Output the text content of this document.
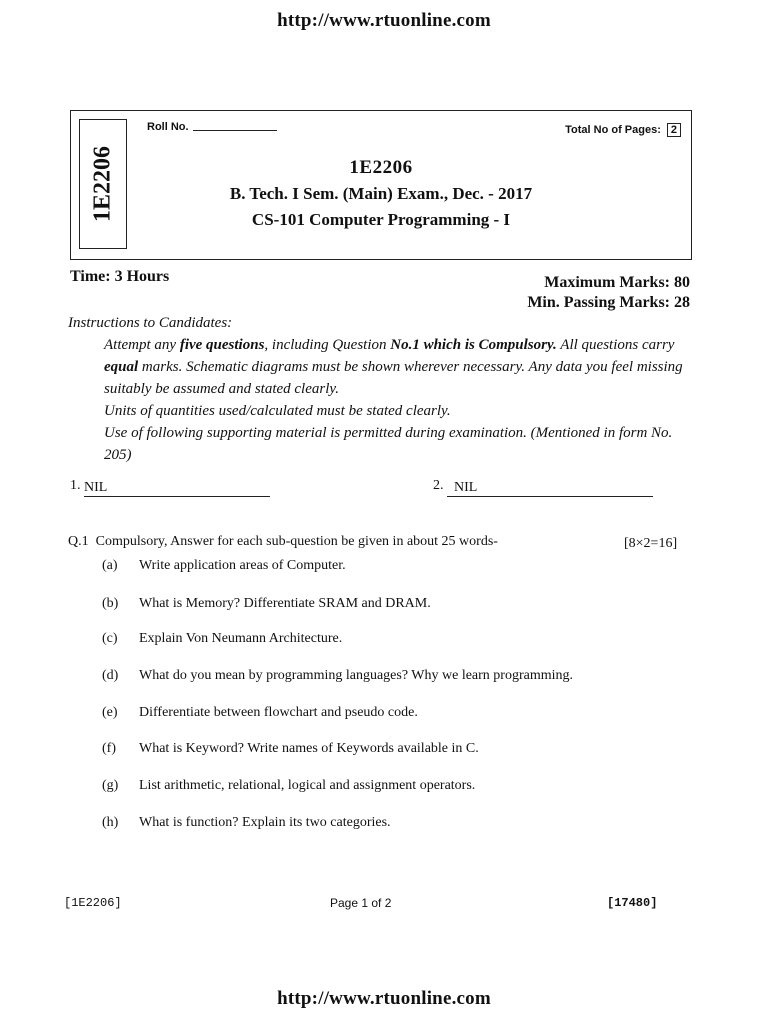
http://www.rtuonline.com
1E2206
Roll No.	Total No of Pages: 2
1E2206
B. Tech. I Sem. (Main) Exam., Dec. - 2017
CS-101 Computer Programming - I
Time: 3 Hours	Maximum Marks: 80
Min. Passing Marks: 28
Instructions to Candidates:

Attempt any five questions, including Question No.1 which is Compulsory. All questions carry equal marks. Schematic diagrams must be shown wherever necessary. Any data you feel missing suitably be assumed and stated clearly.

Units of quantities used/calculated must be stated clearly.

Use of following supporting material is permitted during examination. (Mentioned in form No. 205)

1. NIL	2. NIL
Q.1 Compulsory, Answer for each sub-question be given in about 25 words-	[8×2=16]
(a) Write application areas of Computer.
(b) What is Memory? Differentiate SRAM and DRAM.
(c) Explain Von Neumann Architecture.
(d) What do you mean by programming languages? Why we learn programming.
(e) Differentiate between flowchart and pseudo code.
(f) What is Keyword? Write names of Keywords available in C.
(g) List arithmetic, relational, logical and assignment operators.
(h) What is function? Explain its two categories.
[1E2206]	Page 1 of 2	[17480]
http://www.rtuonline.com
